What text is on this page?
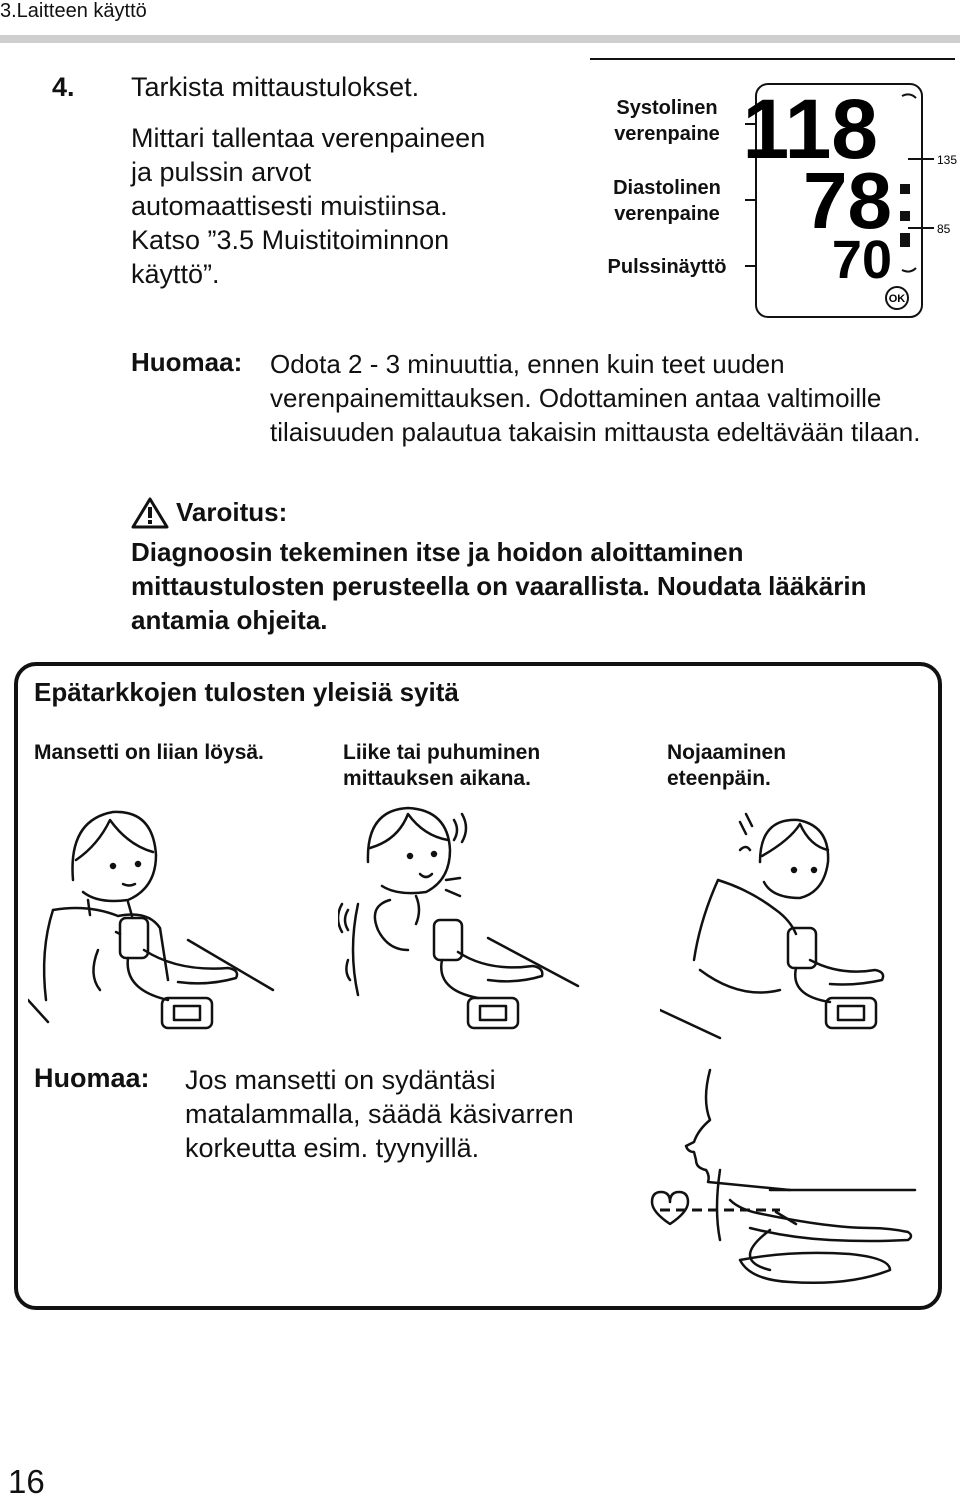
3.Laitteen käyttö
4. Tarkista mittaustulokset.
Mittari tallentaa verenpaineen
ja pulssin arvot
automaattisesti muistiinsa.
Katso ”3.5 Muistitoiminnon
käyttö”.
Systolinen
verenpaine
Diastolinen
verenpaine
Pulssinäyttö
118
78
70
OK
135
85
Huomaa: Odota 2 - 3 minuuttia, ennen kuin teet uuden verenpainemittauksen. Odottaminen antaa valtimoille tilaisuuden palautua takaisin mittausta edeltävään tilaan.
Varoitus:
Diagnoosin tekeminen itse ja hoidon aloittaminen mittaustulosten perusteella on vaarallista. Noudata lääkärin antamia ohjeita.
Epätarkkojen tulosten yleisiä syitä
Mansetti on liian löysä.	Liike tai puhuminen
mittauksen aikana.
Nojaaminen
eteenpäin.
Huomaa: Jos mansetti on sydäntäsi
matalammalla, säädä käsivarren
korkeutta esim. tyynyillä.
16
